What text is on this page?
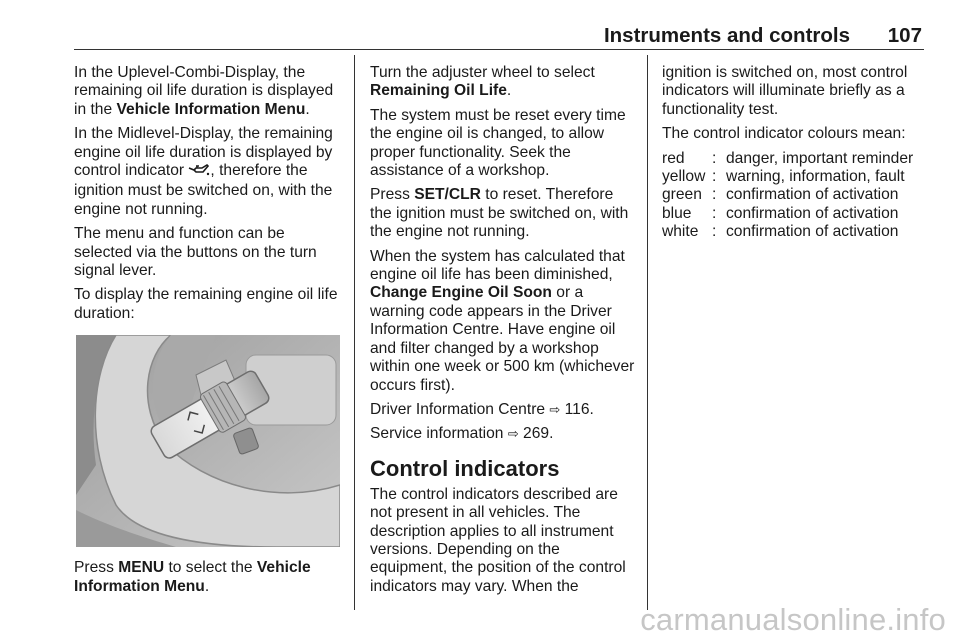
Instruments and controls 107

In the Uplevel-Combi-Display, the remaining oil life duration is displayed in the Vehicle Information Menu.

In the Midlevel-Display, the remaining engine oil life duration is displayed by control indicator , therefore the ignition must be switched on, with the engine not running.

The menu and function can be selected via the buttons on the turn signal lever.

To display the remaining engine oil life duration:

Press MENU to select the Vehicle Information Menu.

Turn the adjuster wheel to select Remaining Oil Life.

The system must be reset every time the engine oil is changed, to allow proper functionality. Seek the assistance of a workshop.

Press SET/CLR to reset. Therefore the ignition must be switched on, with the engine not running.

When the system has calculated that engine oil life has been diminished, Change Engine Oil Soon or a warning code appears in the Driver Information Centre. Have engine oil and filter changed by a workshop within one week or 500 km (whichever occurs first).

Driver Information Centre ⇨ 116.

Service information ⇨ 269.

Control indicators

The control indicators described are not present in all vehicles. The description applies to all instrument versions. Depending on the equipment, the position of the control indicators may vary. When the

ignition is switched on, most control indicators will illuminate briefly as a functionality test.

The control indicator colours mean:

red	:	danger, important reminder
yellow	:	warning, information, fault
green	:	confirmation of activation
blue	:	confirmation of activation
white	:	confirmation of activation
carmanualsonline.info
